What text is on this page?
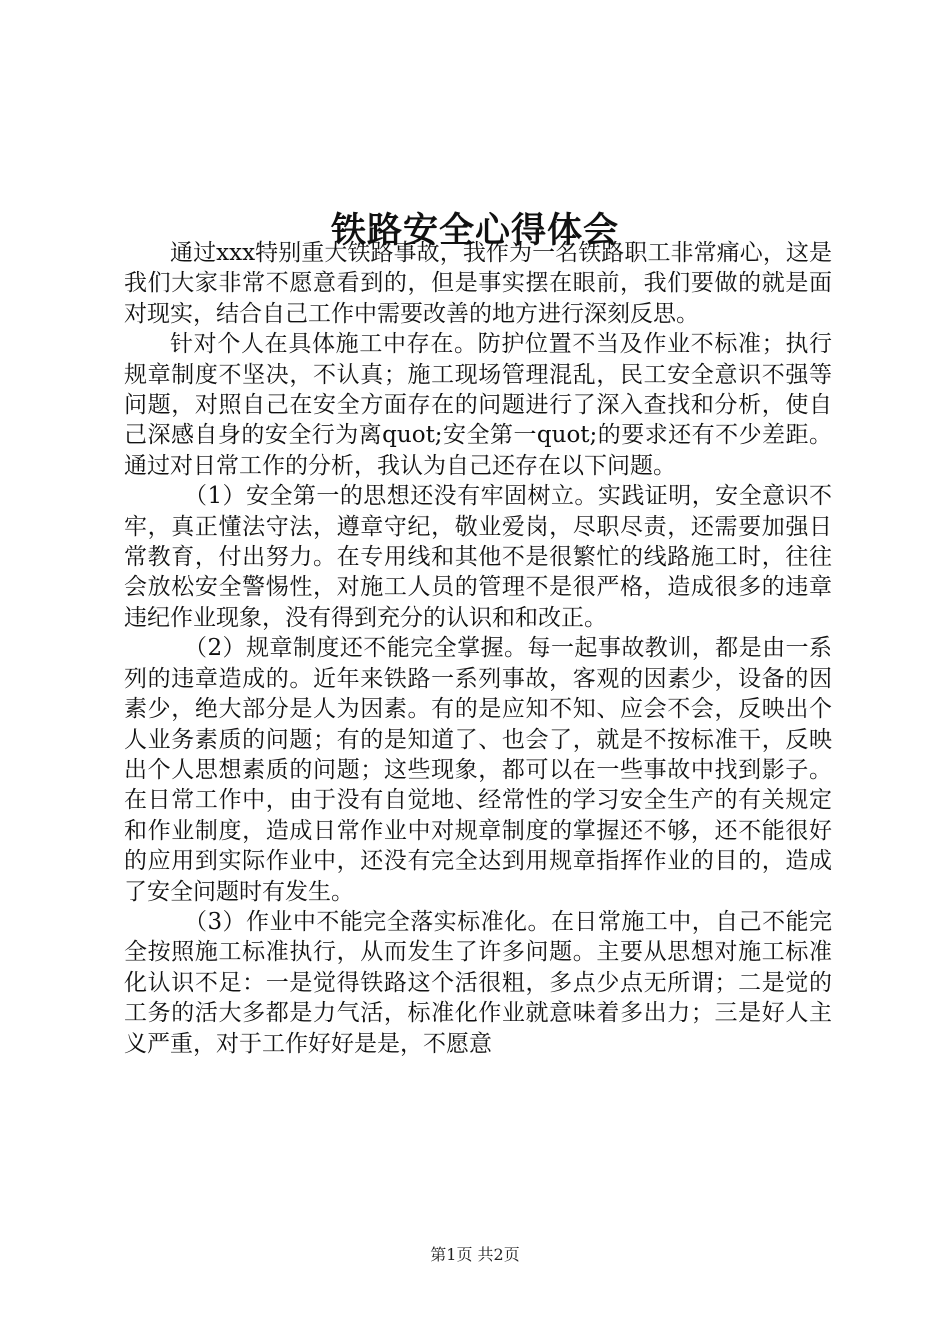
铁路安全心得体会

通过xxx特别重大铁路事故，我作为一名铁路职工非常痛心，这是我们大家非常不愿意看到的，但是事实摆在眼前，我们要做的就是面对现实，结合自己工作中需要改善的地方进行深刻反思。

针对个人在具体施工中存在。防护位置不当及作业不标准；执行规章制度不坚决，不认真；施工现场管理混乱，民工安全意识不强等问题，对照自己在安全方面存在的问题进行了深入查找和分析，使自己深感自身的安全行为离quot;安全第一quot;的要求还有不少差距。通过对日常工作的分析，我认为自己还存在以下问题。

（1）安全第一的思想还没有牢固树立。实践证明，安全意识不牢，真正懂法守法，遵章守纪，敬业爱岗，尽职尽责，还需要加强日常教育，付出努力。在专用线和其他不是很繁忙的线路施工时，往往会放松安全警惕性，对施工人员的管理不是很严格，造成很多的违章违纪作业现象，没有得到充分的认识和和改正。

（2）规章制度还不能完全掌握。每一起事故教训，都是由一系列的违章造成的。近年来铁路一系列事故，客观的因素少，设备的因素少，绝大部分是人为因素。有的是应知不知、应会不会，反映出个人业务素质的问题；有的是知道了、也会了，就是不按标准干，反映出个人思想素质的问题；这些现象，都可以在一些事故中找到影子。在日常工作中，由于没有自觉地、经常性的学习安全生产的有关规定和作业制度，造成日常作业中对规章制度的掌握还不够，还不能很好的应用到实际作业中，还没有完全达到用规章指挥作业的目的，造成了安全问题时有发生。

（3）作业中不能完全落实标准化。在日常施工中，自己不能完全按照施工标准执行，从而发生了许多问题。主要从思想对施工标准化认识不足：一是觉得铁路这个活很粗，多点少点无所谓；二是觉的工务的活大多都是力气活，标准化作业就意味着多出力；三是好人主义严重，对于工作好好是是，不愿意

第1页 共2页
